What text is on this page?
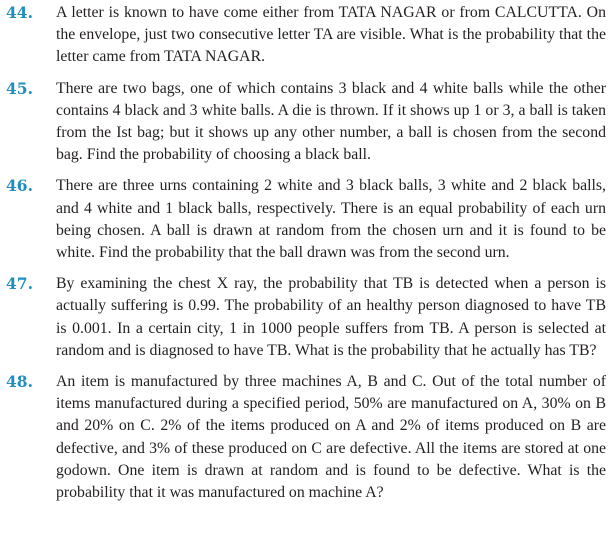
44.	A letter is known to have come either from TATA NAGAR or from CALCUTTA. On the envelope, just two consecutive letter TA are visible. What is the probability that the letter came from TATA NAGAR.
45.	There are two bags, one of which contains 3 black and 4 white balls while the other contains 4 black and 3 white balls. A die is thrown. If it shows up 1 or 3, a ball is taken from the Ist bag; but it shows up any other number, a ball is chosen from the second bag. Find the probability of choosing a black ball.
46.	There are three urns containing 2 white and 3 black balls, 3 white and 2 black balls, and 4 white and 1 black balls, respectively. There is an equal probability of each urn being chosen. A ball is drawn at random from the chosen urn and it is found to be white. Find the probability that the ball drawn was from the second urn.
47.	By examining the chest X ray, the probability that TB is detected when a person is actually suffering is 0.99. The probability of an healthy person diagnosed to have TB is 0.001. In a certain city, 1 in 1000 people suffers from TB. A person is selected at random and is diagnosed to have TB. What is the probability that he actually has TB?
48.	An item is manufactured by three machines A, B and C. Out of the total number of items manufactured during a specified period, 50% are manufactured on A, 30% on B and 20% on C. 2% of the items produced on A and 2% of items produced on B are defective, and 3% of these produced on C are defective. All the items are stored at one godown. One item is drawn at random and is found to be defective. What is the probability that it was manufactured on machine A?
